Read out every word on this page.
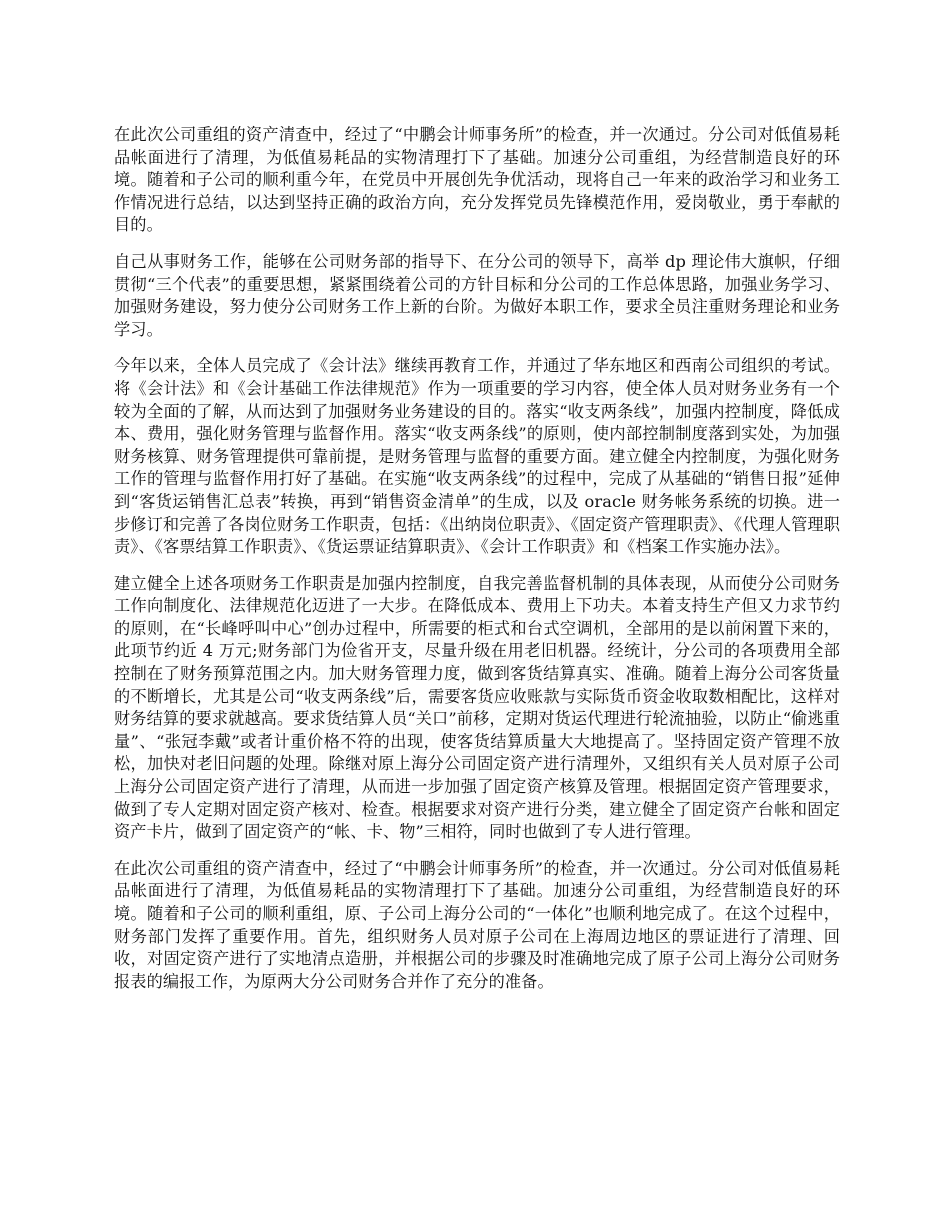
在此次公司重组的资产清查中，经过了“中鹏会计师事务所”的检查，并一次通过。分公司对低值易耗品帐面进行了清理，为低值易耗品的实物清理打下了基础。加速分公司重组，为经营制造良好的环境。随着和子公司的顺利重今年，在党员中开展创先争优活动，现将自己一年来的政治学习和业务工作情况进行总结，以达到坚持正确的政治方向，充分发挥党员先锋模范作用，爱岗敬业，勇于奉献的目的。

自己从事财务工作，能够在公司财务部的指导下、在分公司的领导下，高举 dp 理论伟大旗帜，仔细贯彻“三个代表”的重要思想，紧紧围绕着公司的方针目标和分公司的工作总体思路，加强业务学习、加强财务建设，努力使分公司财务工作上新的台阶。为做好本职工作，要求全员注重财务理论和业务学习。

今年以来，全体人员完成了《会计法》继续再教育工作，并通过了华东地区和西南公司组织的考试。将《会计法》和《会计基础工作法律规范》作为一项重要的学习内容，使全体人员对财务业务有一个较为全面的了解，从而达到了加强财务业务建设的目的。落实“收支两条线”，加强内控制度，降低成本、费用，强化财务管理与监督作用。落实“收支两条线”的原则，使内部控制制度落到实处，为加强财务核算、财务管理提供可靠前提，是财务管理与监督的重要方面。建立健全内控制度，为强化财务工作的管理与监督作用打好了基础。在实施“收支两条线”的过程中，完成了从基础的“销售日报”延伸到“客货运销售汇总表”转换，再到“销售资金清单”的生成，以及 oracle 财务帐务系统的切换。进一步修订和完善了各岗位财务工作职责，包括：《出纳岗位职责》、《固定资产管理职责》、《代理人管理职责》、《客票结算工作职责》、《货运票证结算职责》、《会计工作职责》和《档案工作实施办法》。

建立健全上述各项财务工作职责是加强内控制度，自我完善监督机制的具体表现，从而使分公司财务工作向制度化、法律规范化迈进了一大步。在降低成本、费用上下功夫。本着支持生产但又力求节约的原则，在“长峰呼叫中心”创办过程中，所需要的柜式和台式空调机，全部用的是以前闲置下来的，此项节约近 4 万元;财务部门为俭省开支，尽量升级在用老旧机器。经统计，分公司的各项费用全部控制在了财务预算范围之内。加大财务管理力度，做到客货结算真实、准确。随着上海分公司客货量的不断增长，尤其是公司“收支两条线”后，需要客货应收账款与实际货币资金收取数相配比，这样对财务结算的要求就越高。要求货结算人员“关口”前移，定期对货运代理进行轮流抽验，以防止“偷逃重量”、“张冠李戴”或者计重价格不符的出现，使客货结算质量大大地提高了。坚持固定资产管理不放松，加快对老旧问题的处理。除继对原上海分公司固定资产进行清理外，又组织有关人员对原子公司上海分公司固定资产进行了清理，从而进一步加强了固定资产核算及管理。根据固定资产管理要求，做到了专人定期对固定资产核对、检查。根据要求对资产进行分类，建立健全了固定资产台帐和固定资产卡片，做到了固定资产的“帐、卡、物”三相符，同时也做到了专人进行管理。

在此次公司重组的资产清查中，经过了“中鹏会计师事务所”的检查，并一次通过。分公司对低值易耗品帐面进行了清理，为低值易耗品的实物清理打下了基础。加速分公司重组，为经营制造良好的环境。随着和子公司的顺利重组，原、子公司上海分公司的“一体化”也顺利地完成了。在这个过程中，财务部门发挥了重要作用。首先，组织财务人员对原子公司在上海周边地区的票证进行了清理、回收，对固定资产进行了实地清点造册，并根据公司的步骤及时准确地完成了原子公司上海分公司财务报表的编报工作，为原两大分公司财务合并作了充分的准备。
